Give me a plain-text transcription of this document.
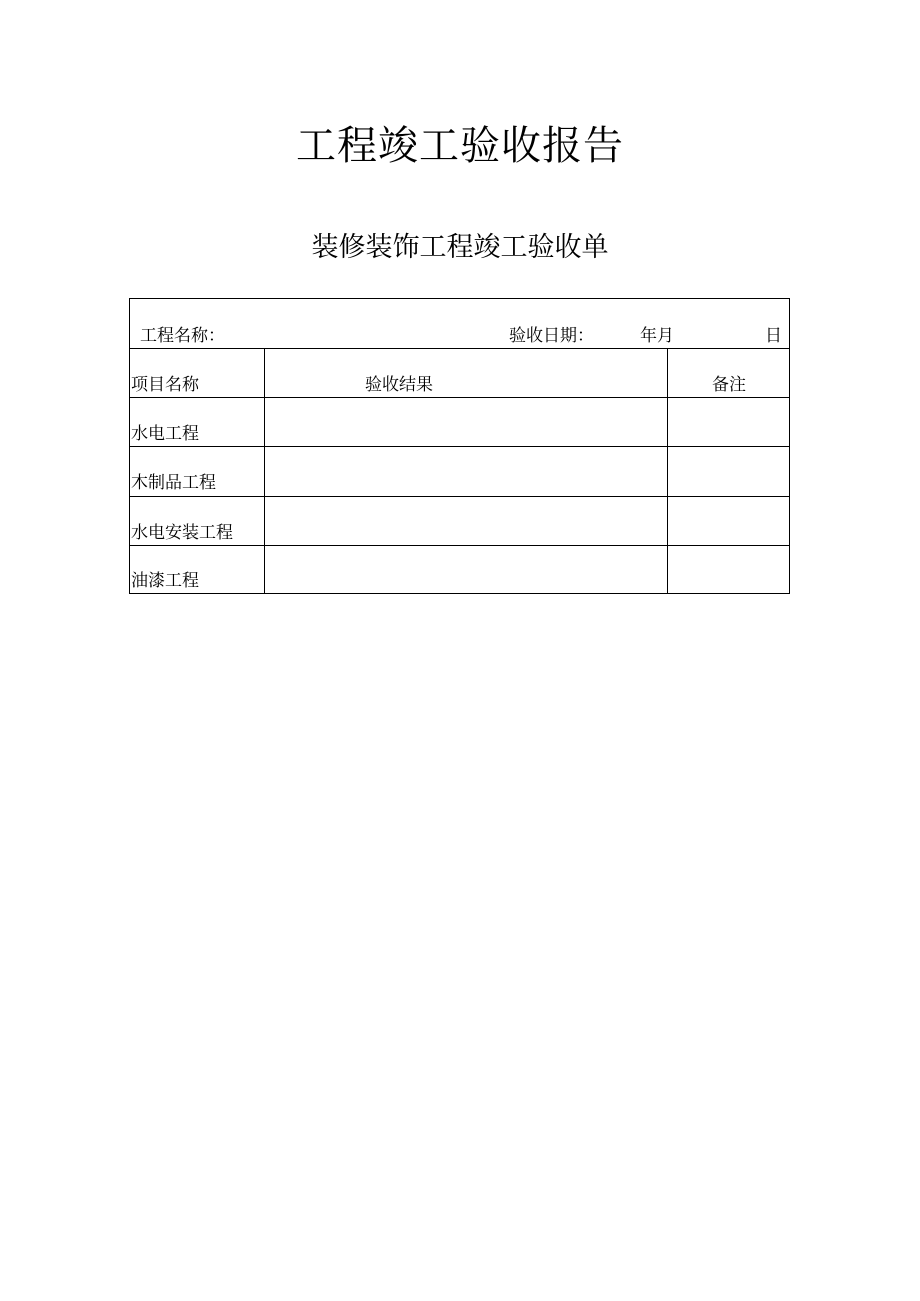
工程竣工验收报告
装修装饰工程竣工验收单
工程名称：	验收日期：	年月	日
项目名称	验收结果	备注
水电工程
木制品工程
水电安装工程
油漆工程
